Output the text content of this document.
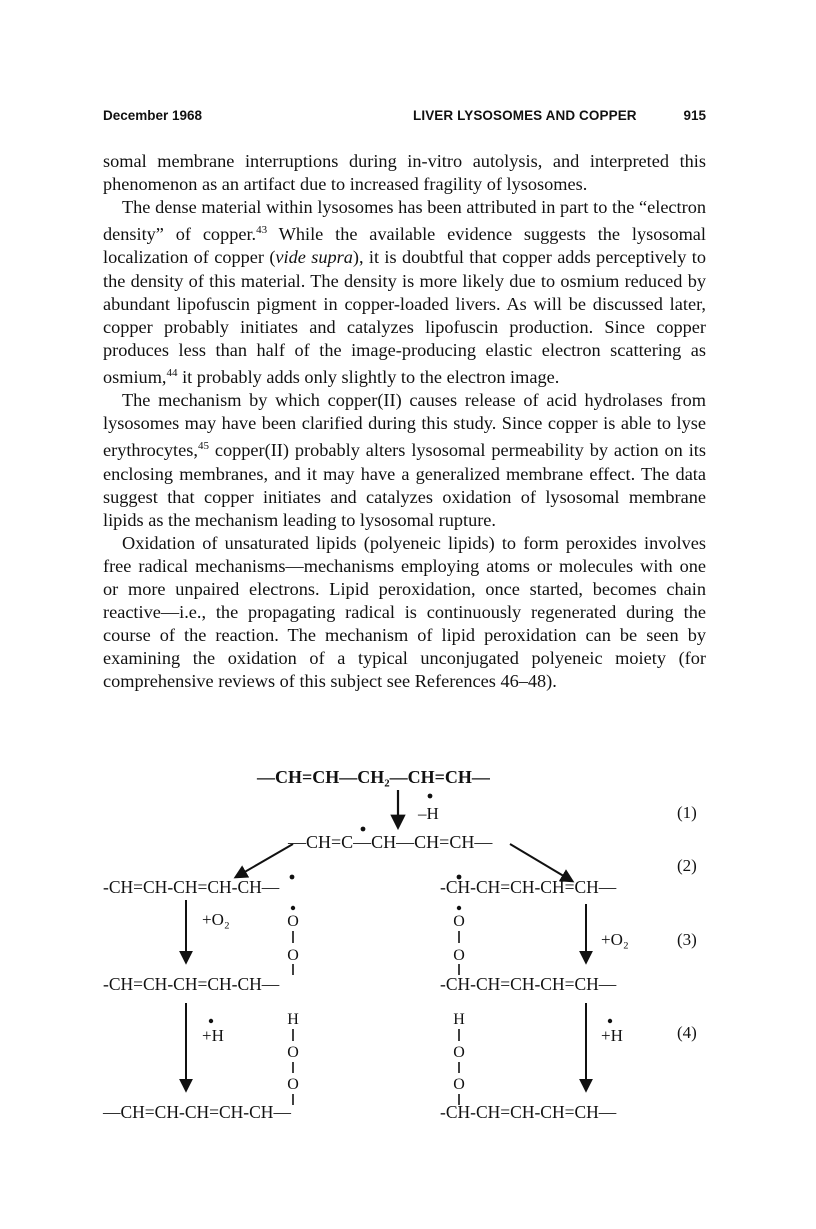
December 1968	LIVER LYSOSOMES AND COPPER	915

somal membrane interruptions during in-vitro autolysis, and interpreted this phenomenon as an artifact due to increased fragility of lysosomes.

The dense material within lysosomes has been attributed in part to the “electron density” of copper.$^{43}$ While the available evidence suggests the lysosomal localization of copper (vide supra), it is doubtful that copper adds perceptively to the density of this material. The density is more likely due to osmium reduced by abundant lipofuscin pigment in copper-loaded livers. As will be discussed later, copper probably initiates and catalyzes lipofuscin production. Since copper produces less than half of the image-producing elastic electron scattering as osmium,$^{44}$ it probably adds only slightly to the electron image.

The mechanism by which copper(II) causes release of acid hydrolases from lysosomes may have been clarified during this study. Since copper is able to lyse erythrocytes,$^{45}$ copper(II) probably alters lysosomal permeability by action on its enclosing membranes, and it may have a generalized membrane effect. The data suggest that copper initiates and catalyzes oxidation of lysosomal membrane lipids as the mechanism leading to lysosomal rupture.

Oxidation of unsaturated lipids (polyeneic lipids) to form peroxides involves free radical mechanisms—mechanisms employing atoms or molecules with one or more unpaired electrons. Lipid peroxidation, once started, becomes chain reactive—i.e., the propagating radical is continuously regenerated during the course of the reaction. The mechanism of lipid peroxidation can be seen by examining the oxidation of a typical unconjugated polyeneic moiety (for comprehensive reviews of this subject see References 46–48).

—CH=CH—CH₂—CH=CH—
–H
—CH=C—CH—CH=CH—
(1)
(2)
(3)
(4)
-CH=CH-CH=CH-CH—
+O₂	O
O
-CH=CH-CH=CH-CH—
+H
H
O
O
—CH=CH-CH=CH-CH—
-CH-CH=CH-CH=CH—
O
O
+O₂
-CH-CH=CH-CH=CH—
H
O
O
+H
-CH-CH=CH-CH=CH—
